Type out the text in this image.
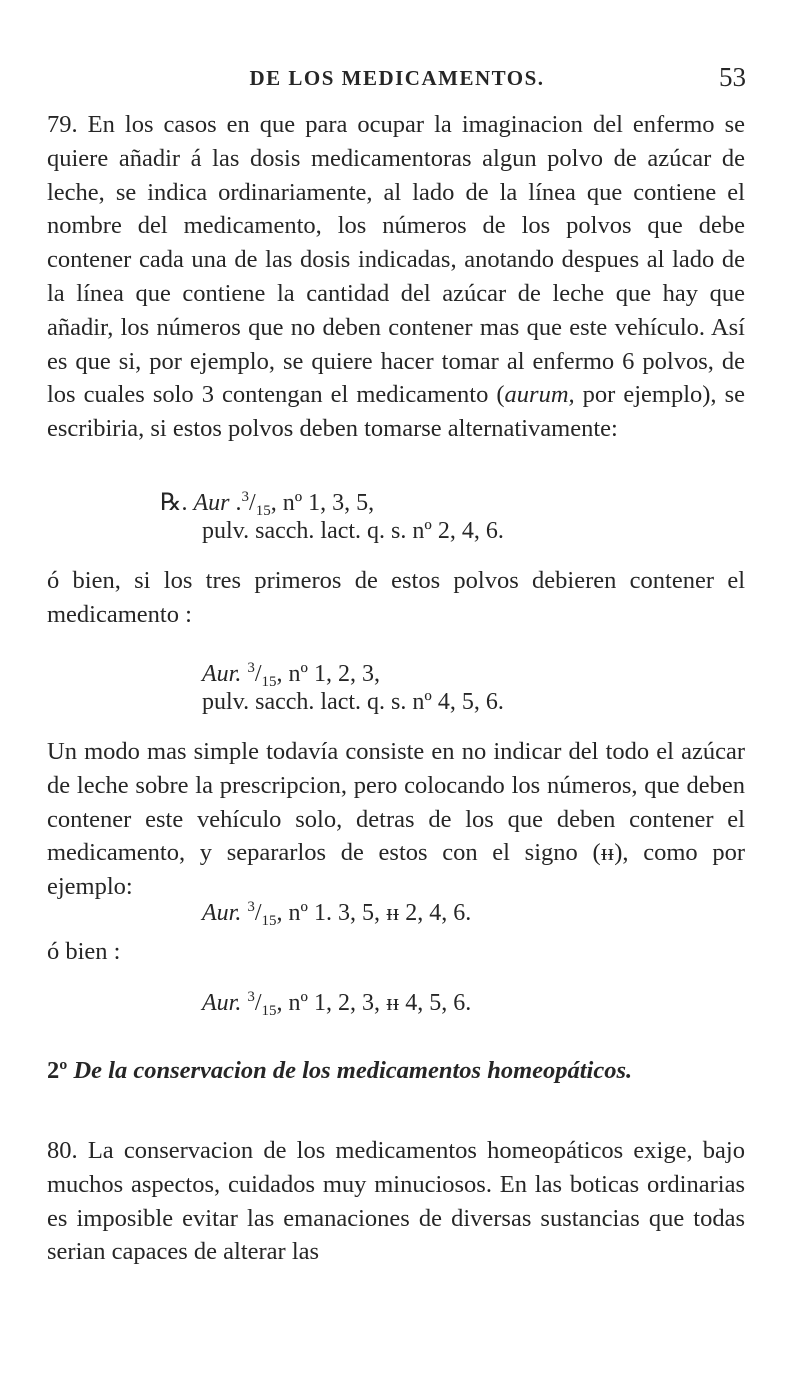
DE LOS MEDICAMENTOS.	53

79. En los casos en que para ocupar la imaginacion del enfermo se quiere añadir á las dosis medicamentoras algun polvo de azúcar de leche, se indica ordinariamente, al lado de la línea que contiene el nombre del medicamento, los números de los polvos que debe contener cada una de las dosis indicadas, anotando despues al lado de la línea que contiene la cantidad del azúcar de leche que hay que añadir, los números que no deben contener mas que este vehículo. Así es que si, por ejemplo, se quiere hacer tomar al enfermo 6 polvos, de los cuales solo 3 contengan el medicamento (aurum, por ejemplo), se escribiria, si estos polvos deben tomarse alternativamente:

℞. Aur $.^3/_{15}$, nº 1, 3, 5,
pulv. sacch. lact. q. s. nº 2, 4, 6.

ó bien, si los tres primeros de estos polvos debieren contener el medicamento :

Aur. $^3/_{15}$, nº 1, 2, 3,
pulv. sacch. lact. q. s. nº 4, 5, 6.

Un modo mas simple todavía consiste en no indicar del todo el azúcar de leche sobre la prescripcion, pero colocando los números, que deben contener este vehículo solo, detras de los que deben contener el medicamento, y separarlos de estos con el signo (ᵻᵻ), como por ejemplo:

Aur. $^3/_{15}$, nº 1. 3, 5, ᵻᵻ 2, 4, 6.
ó bien :
Aur. $^3/_{15}$, nº 1, 2, 3, ᵻᵻ 4, 5, 6.
2º De la conservacion de los medicamentos homeopáticos.

80. La conservacion de los medicamentos homeopáticos exige, bajo muchos aspectos, cuidados muy minuciosos. En las boticas ordinarias es imposible evitar las emanaciones de diversas sustancias que todas serian capaces de alterar las
